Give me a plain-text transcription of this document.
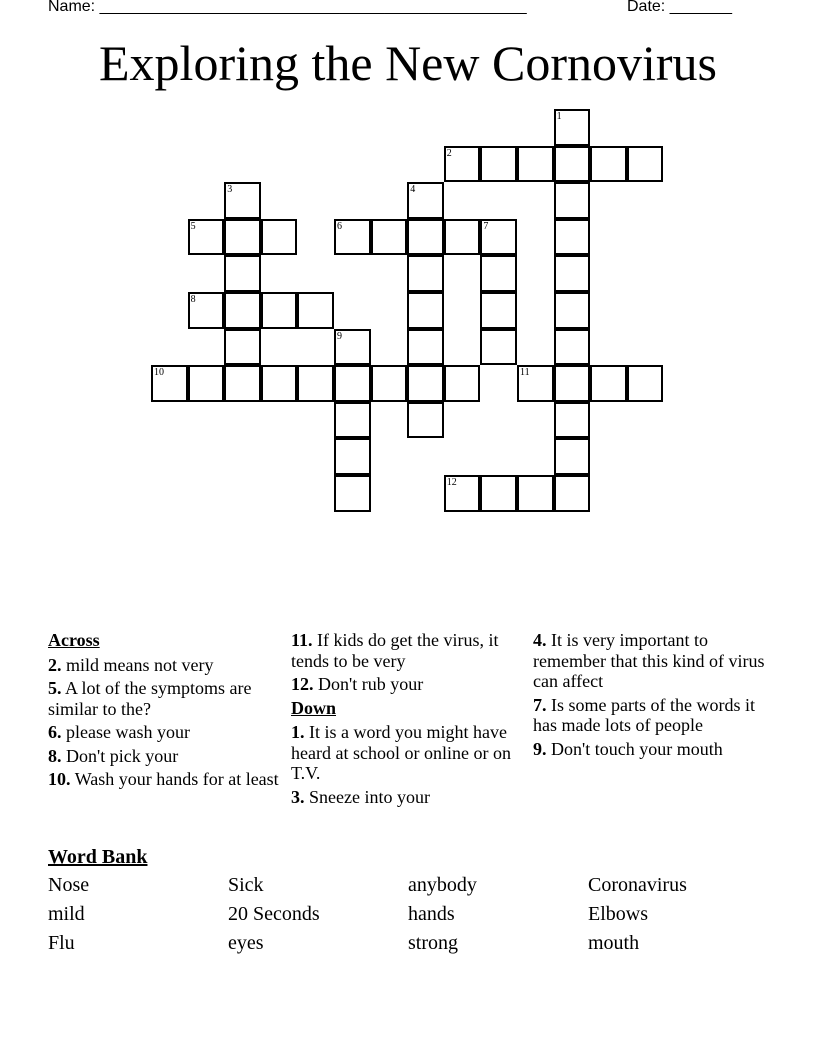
Name: ________________________________________________	Date: _______
Exploring the New Cornovirus
1
2
3	4
5	6	7
8
9
10	11
12
Across
2. mild means not very
5. A lot of the symptoms are similar to the?
6. please wash your
8. Don't pick your
10. Wash your hands for at least
11. If kids do get the virus, it tends to be very
12. Don't rub your
Down
1. It is a word you might have heard at school or online or on T.V.
3. Sneeze into your
4. It is very important to remember that this kind of virus can affect
7. Is some parts of the words it has made lots of people
9. Don't touch your mouth
Word Bank
Nose	Sick	anybody	Coronavirus
mild	20 Seconds	hands	Elbows
Flu	eyes	strong	mouth
